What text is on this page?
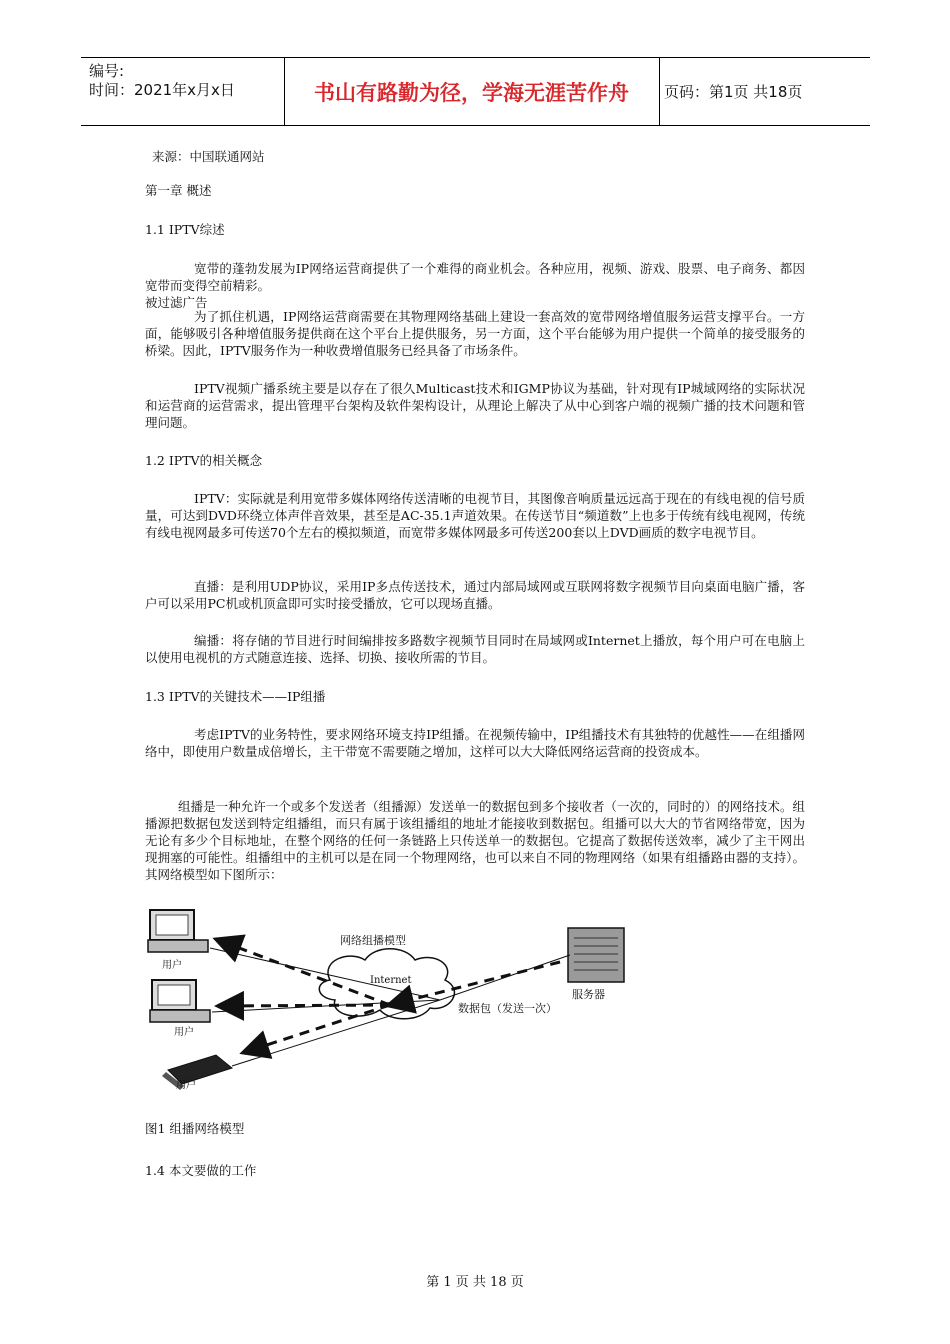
编号:
时间：2021年x月x日	书山有路勤为径，学海无涯苦作舟	页码：第1页 共18页
来源：中国联通网站
第一章 概述
1.1 IPTV综述
宽带的蓬勃发展为IP网络运营商提供了一个难得的商业机会。各种应用，视频、游戏、股票、电子商务、都因宽带而变得空前精彩。
被过滤广告
为了抓住机遇，IP网络运营商需要在其物理网络基础上建设一套高效的宽带网络增值服务运营支撑平台。一方面，能够吸引各种增值服务提供商在这个平台上提供服务，另一方面，这个平台能够为用户提供一个简单的接受服务的桥梁。因此，IPTV服务作为一种收费增值服务已经具备了市场条件。
IPTV视频广播系统主要是以存在了很久Multicast技术和IGMP协议为基础，针对现有IP城域网络的实际状况和运营商的运营需求，提出管理平台架构及软件架构设计，从理论上解决了从中心到客户端的视频广播的技术问题和管理问题。
1.2 IPTV的相关概念
IPTV：实际就是利用宽带多媒体网络传送清晰的电视节目，其图像音响质量远远高于现在的有线电视的信号质量，可达到DVD环绕立体声伴音效果，甚至是AC-35.1声道效果。在传送节目“频道数”上也多于传统有线电视网，传统有线电视网最多可传送70个左右的模拟频道，而宽带多媒体网最多可传送200套以上DVD画质的数字电视节目。
直播：是利用UDP协议，采用IP多点传送技术，通过内部局域网或互联网将数字视频节目向桌面电脑广播，客户可以采用PC机或机顶盒即可实时接受播放，它可以现场直播。
编播：将存储的节目进行时间编排按多路数字视频节目同时在局域网或Internet上播放，每个用户可在电脑上以使用电视机的方式随意连接、选择、切换、接收所需的节目。
1.3 IPTV的关键技术——IP组播
考虑IPTV的业务特性，要求网络环境支持IP组播。在视频传输中，IP组播技术有其独特的优越性——在组播网络中，即使用户数量成倍增长，主干带宽不需要随之增加，这样可以大大降低网络运营商的投资成本。
组播是一种允许一个或多个发送者（组播源）发送单一的数据包到多个接收者（一次的，同时的）的网络技术。组播源把数据包发送到特定组播组，而只有属于该组播组的地址才能接收到数据包。组播可以大大的节省网络带宽，因为无论有多少个目标地址，在整个网络的任何一条链路上只传送单一的数据包。它提高了数据传送效率，减少了主干网出现拥塞的可能性。组播组中的主机可以是在同一个物理网络，也可以来自不同的物理网络（如果有组播路由器的支持）。其网络模型如下图所示：
用户
用户
用户
网络组播模型
Internet
服务器
数据包（发送一次）
图1 组播网络模型
1.4 本文要做的工作
第 1 页 共 18 页
